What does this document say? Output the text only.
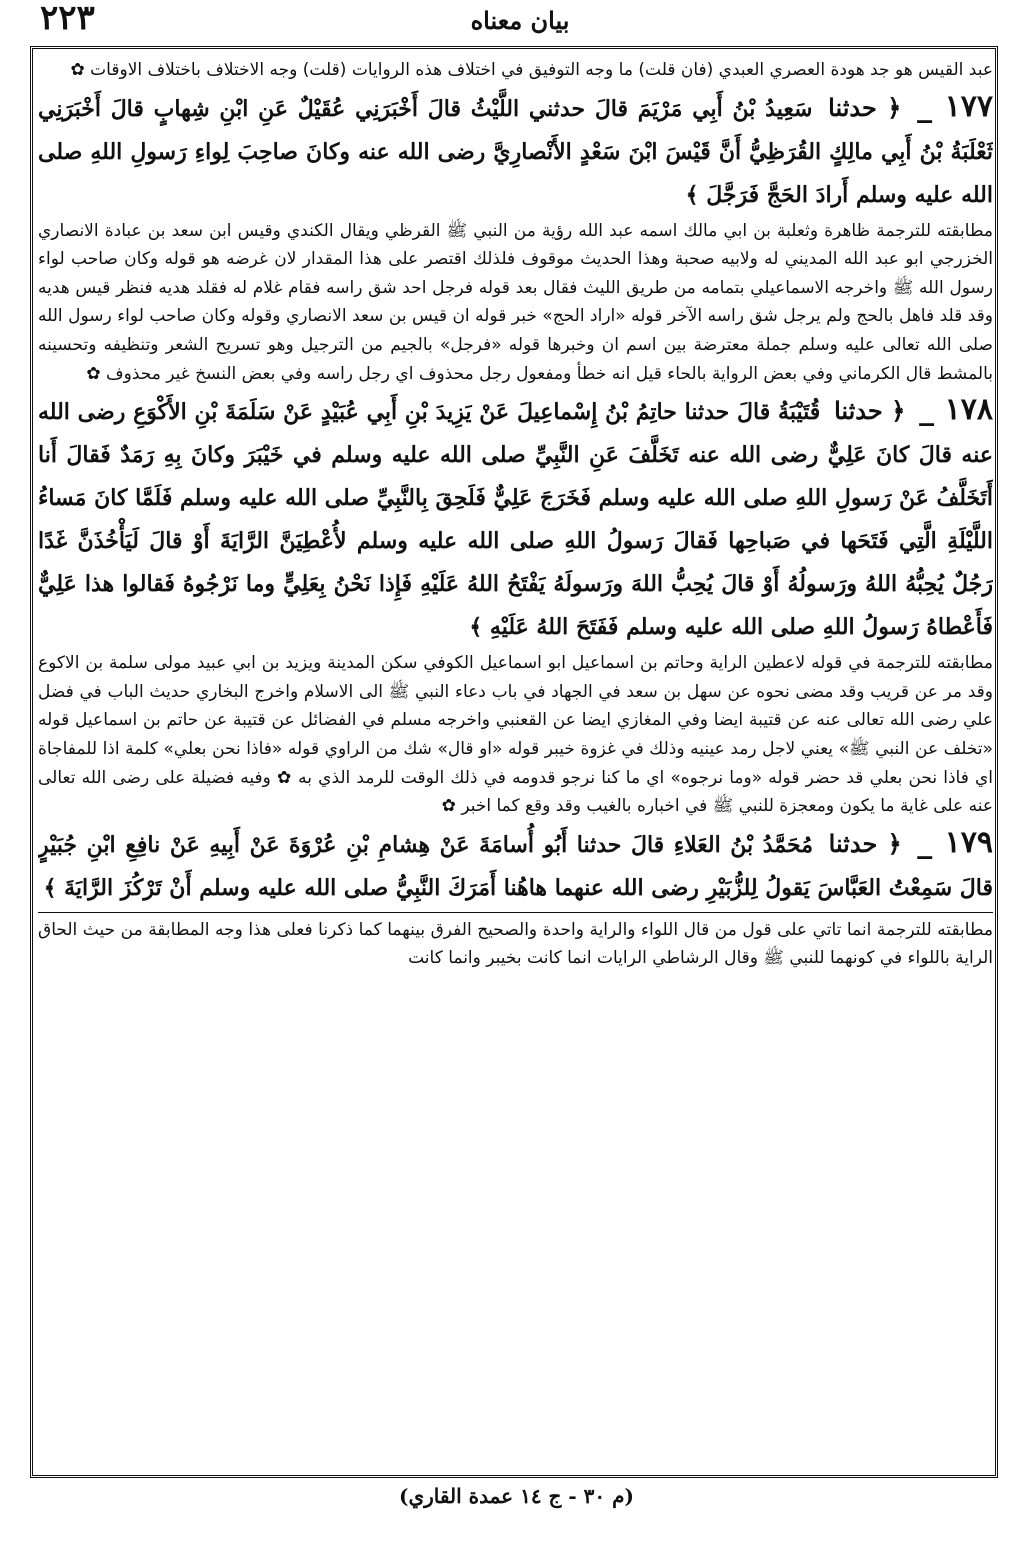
٢٢٣	بيان معناه

عبد القيس هو جد هودة العصري العبدي (فان قلت) ما وجه التوفيق في اختلاف هذه الروايات (قلت) وجه الاختلاف باختلاف الاوقات ✿

١٧٧ _ ﴿ حدثنا سَعِيدُ بْنُ أَبِي مَرْيَمَ قالَ حدثني اللَّيْثُ قالَ أَخْبَرَنِي عُقَيْلٌ عَنِ ابْنِ شِهابٍ قالَ أَخْبَرَنِي ثَعْلَبَةُ بْنُ أَبِي مالِكٍ القُرَظِيُّ أَنَّ قَيْسَ ابْنَ سَعْدٍ الأَنْصارِيَّ رضى الله عنه وكانَ صاحِبَ لِواءِ رَسولِ اللهِ صلى الله عليه وسلم أَرادَ الحَجَّ فَرَجَّلَ ﴾

مطابقته للترجمة ظاهرة وثعلبة بن ابي مالك اسمه عبد الله رؤية من النبي ﷺ القرظي ويقال الكندي وقيس ابن سعد بن عبادة الانصاري الخزرجي ابو عبد الله المديني له ولابيه صحبة وهذا الحديث موقوف فلذلك اقتصر على هذا المقدار لان غرضه هو قوله وكان صاحب لواء رسول الله ﷺ واخرجه الاسماعيلي بتمامه من طريق الليث فقال بعد قوله فرجل احد شق راسه فقام غلام له فقلد هديه فنظر قيس هديه وقد قلد فاهل بالحج ولم يرجل شق راسه الآخر قوله «اراد الحج» خبر قوله ان قيس بن سعد الانصاري وقوله وكان صاحب لواء رسول الله صلى الله تعالى عليه وسلم جملة معترضة بين اسم ان وخبرها قوله «فرجل» بالجيم من الترجيل وهو تسريح الشعر وتنظيفه وتحسينه بالمشط قال الكرماني وفي بعض الرواية بالحاء قيل انه خطأ ومفعول رجل محذوف اي رجل راسه وفي بعض النسخ غير محذوف ✿

١٧٨ _ ﴿ حدثنا قُتَيْبَةُ قالَ حدثنا حاتِمُ بْنُ إِسْماعِيلَ عَنْ يَزِيدَ بْنِ أَبِي عُبَيْدٍ عَنْ سَلَمَةَ بْنِ الأَكْوَعِ رضى الله عنه قالَ كانَ عَلِيٌّ رضى الله عنه تَخَلَّفَ عَنِ النَّبِيِّ صلى الله عليه وسلم في خَيْبَرَ وكانَ بِهِ رَمَدٌ فَقالَ أَنا أَتَخَلَّفُ عَنْ رَسولِ اللهِ صلى الله عليه وسلم فَخَرَجَ عَلِيٌّ فَلَحِقَ بِالنَّبِيِّ صلى الله عليه وسلم فَلَمَّا كانَ مَساءُ اللَّيْلَةِ الَّتِي فَتَحَها في صَباحِها فَقالَ رَسولُ اللهِ صلى الله عليه وسلم لأُعْطِيَنَّ الرَّايَةَ أَوْ قالَ لَيَأْخُذَنَّ غَدًا رَجُلٌ يُحِبُّهُ اللهُ ورَسولُهُ أَوْ قالَ يُحِبُّ اللهَ ورَسولَهُ يَفْتَحُ اللهُ عَلَيْهِ فَإِذا نَحْنُ بِعَلِيٍّ وما نَرْجُوهُ فَقالوا هذا عَلِيٌّ فَأَعْطاهُ رَسولُ اللهِ صلى الله عليه وسلم فَفَتَحَ اللهُ عَلَيْهِ ﴾

مطابقته للترجمة في قوله لاعطين الراية وحاتم بن اسماعيل ابو اسماعيل الكوفي سكن المدينة ويزيد بن ابي عبيد مولى سلمة بن الاكوع وقد مر عن قريب وقد مضى نحوه عن سهل بن سعد في الجهاد في باب دعاء النبي ﷺ الى الاسلام واخرج البخاري حديث الباب في فضل علي رضى الله تعالى عنه عن قتيبة ايضا وفي المغازي ايضا عن القعنبي واخرجه مسلم في الفضائل عن قتيبة عن حاتم بن اسماعيل قوله «تخلف عن النبي ﷺ» يعني لاجل رمد عينيه وذلك في غزوة خيبر قوله «او قال» شك من الراوي قوله «فاذا نحن بعلي» كلمة اذا للمفاجاة اي فاذا نحن بعلي قد حضر قوله «وما نرجوه» اي ما كنا نرجو قدومه في ذلك الوقت للرمد الذي به ✿ وفيه فضيلة على رضى الله تعالى عنه على غاية ما يكون ومعجزة للنبي ﷺ في اخباره بالغيب وقد وقع كما اخبر ✿

١٧٩ _ ﴿ حدثنا مُحَمَّدُ بْنُ العَلاءِ قالَ حدثنا أَبُو أُسامَةَ عَنْ هِشامِ بْنِ عُرْوَةَ عَنْ أَبِيهِ عَنْ نافِعِ ابْنِ جُبَيْرٍ قالَ سَمِعْتُ العَبَّاسَ يَقولُ لِلزُّبَيْرِ رضى الله عنهما هاهُنا أَمَرَكَ النَّبِيُّ صلى الله عليه وسلم أَنْ تَرْكُزَ الرَّايَةَ ﴾

مطابقته للترجمة انما تاتي على قول من قال اللواء والراية واحدة والصحيح الفرق بينهما كما ذكرنا فعلى هذا وجه المطابقة من حيث الحاق الراية باللواء في كونهما للنبي ﷺ وقال الرشاطي الرايات انما كانت بخيبر وانما كانت

(م ٣٠ - ج ١٤ عمدة القاري)
